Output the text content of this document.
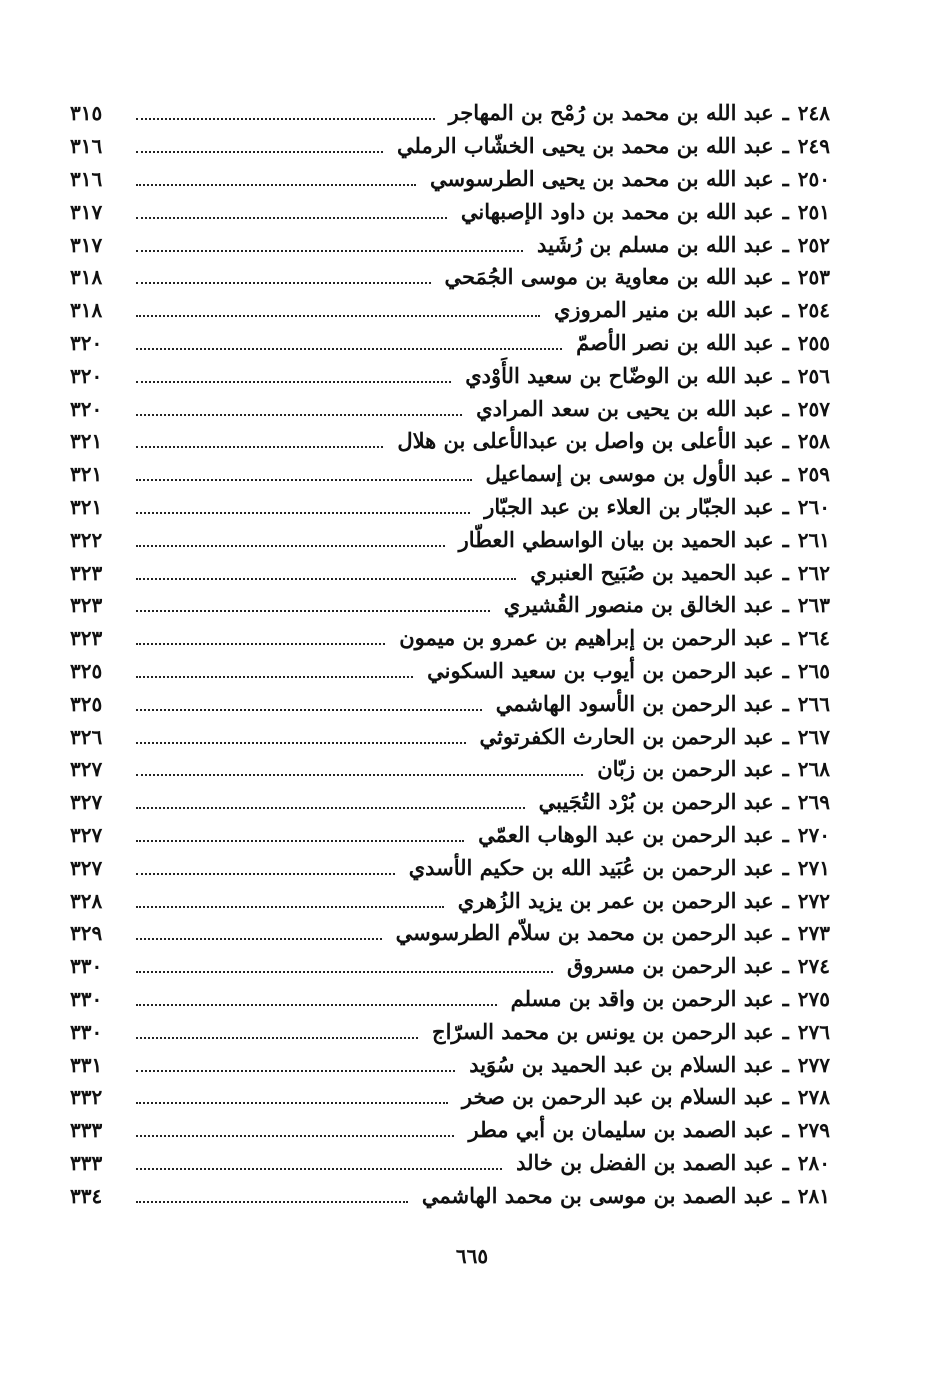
٢٤٨
ـ
عبد الله بن محمد بن رُمْح بن المهاجر
٣١٥
٢٤٩
ـ
عبد الله بن محمد بن يحيى الخشّاب الرملي
٣١٦
٢٥٠
ـ
عبد الله بن محمد بن يحيى الطرسوسي
٣١٦
٢٥١
ـ
عبد الله بن محمد بن داود الإصبهاني
٣١٧
٢٥٢
ـ
عبد الله بن مسلم بن رُشَيد
٣١٧
٢٥٣
ـ
عبد الله بن معاوية بن موسى الجُمَحي
٣١٨
٢٥٤
ـ
عبد الله بن منير المروزي
٣١٨
٢٥٥
ـ
عبد الله بن نصر الأصمّ
٣٢٠
٢٥٦
ـ
عبد الله بن الوضّاح بن سعيد الأَوْدي
٣٢٠
٢٥٧
ـ
عبد الله بن يحيى بن سعد المرادي
٣٢٠
٢٥٨
ـ
عبد الأعلى بن واصل بن عبدالأعلى بن هلال
٣٢١
٢٥٩
ـ
عبد الأول بن موسى بن إسماعيل
٣٢١
٢٦٠
ـ
عبد الجبّار بن العلاء بن عبد الجبّار
٣٢١
٢٦١
ـ
عبد الحميد بن بيان الواسطي العطّار
٣٢٢
٢٦٢
ـ
عبد الحميد بن صُبَيح العنبري
٣٢٣
٢٦٣
ـ
عبد الخالق بن منصور القُشيري
٣٢٣
٢٦٤
ـ
عبد الرحمن بن إبراهيم بن عمرو بن ميمون
٣٢٣
٢٦٥
ـ
عبد الرحمن بن أيوب بن سعيد السكوني
٣٢٥
٢٦٦
ـ
عبد الرحمن بن الأسود الهاشمي
٣٢٥
٢٦٧
ـ
عبد الرحمن بن الحارث الكفرتوثي
٣٢٦
٢٦٨
ـ
عبد الرحمن بن زبّان
٣٢٧
٢٦٩
ـ
عبد الرحمن بن بُرْد التُجَيبي
٣٢٧
٢٧٠
ـ
عبد الرحمن بن عبد الوهاب العمّي
٣٢٧
٢٧١
ـ
عبد الرحمن بن عُبَيد الله بن حكيم الأسدي
٣٢٧
٢٧٢
ـ
عبد الرحمن بن عمر بن يزيد الزُهري
٣٢٨
٢٧٣
ـ
عبد الرحمن بن محمد بن سلاّم الطرسوسي
٣٢٩
٢٧٤
ـ
عبد الرحمن بن مسروق
٣٣٠
٢٧٥
ـ
عبد الرحمن بن واقد بن مسلم
٣٣٠
٢٧٦
ـ
عبد الرحمن بن يونس بن محمد السرّاج
٣٣٠
٢٧٧
ـ
عبد السلام بن عبد الحميد بن سُوَيد
٣٣١
٢٧٨
ـ
عبد السلام بن عبد الرحمن بن صخر
٣٣٢
٢٧٩
ـ
عبد الصمد بن سليمان بن أبي مطر
٣٣٣
٢٨٠
ـ
عبد الصمد بن الفضل بن خالد
٣٣٣
٢٨١
ـ
عبد الصمد بن موسى بن محمد الهاشمي
٣٣٤
٦٦٥
